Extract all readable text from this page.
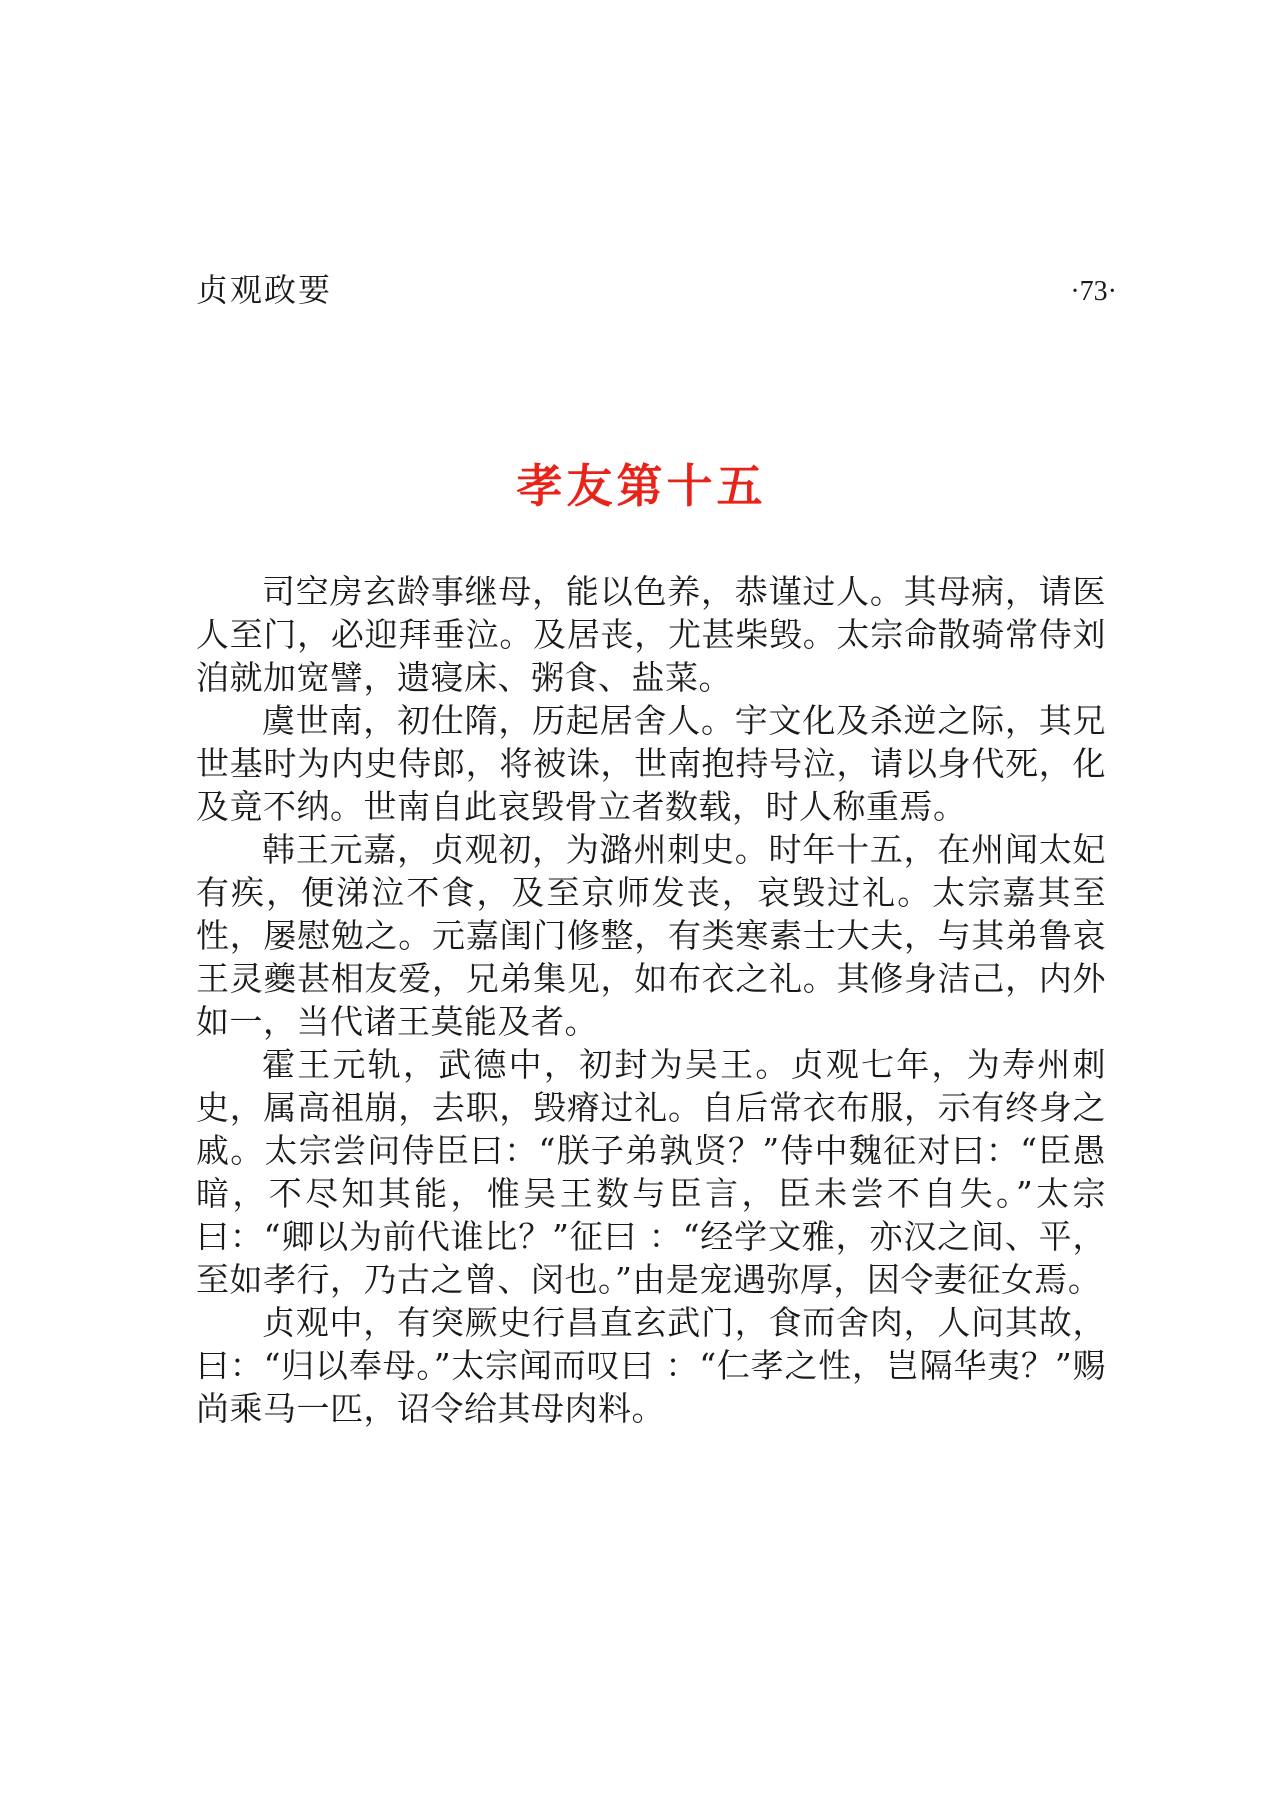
贞观政要	·73·
孝友第十五

司空房玄龄事继母，能以色养，恭谨过人。其母病，请医人至门，必迎拜垂泣。及居丧，尤甚柴毁。太宗命散骑常侍刘洎就加宽譬，遗寝床、粥食、盐菜。

虞世南，初仕隋，历起居舍人。宇文化及杀逆之际，其兄世基时为内史侍郎，将被诛，世南抱持号泣，请以身代死，化及竟不纳。世南自此哀毁骨立者数载，时人称重焉。

韩王元嘉，贞观初，为潞州刺史。时年十五，在州闻太妃有疾，便涕泣不食，及至京师发丧，哀毁过礼。太宗嘉其至性，屡慰勉之。元嘉闺门修整，有类寒素士大夫，与其弟鲁哀王灵夔甚相友爱，兄弟集见，如布衣之礼。其修身洁己，内外如一，当代诸王莫能及者。

霍王元轨，武德中，初封为吴王。贞观七年，为寿州刺史，属高祖崩，去职，毁瘠过礼。自后常衣布服，示有终身之戚。太宗尝问侍臣曰：“朕子弟孰贤？”侍中魏征对曰：“臣愚暗，不尽知其能，惟吴王数与臣言，臣未尝不自失。”太宗曰：“卿以为前代谁比？”征曰 ：“经学文雅，亦汉之间、平，至如孝行，乃古之曾、闵也。”由是宠遇弥厚，因令妻征女焉。

贞观中，有突厥史行昌直玄武门，食而舍肉，人问其故，曰：“归以奉母。”太宗闻而叹曰 ：“仁孝之性，岂隔华夷？”赐尚乘马一匹，诏令给其母肉料。
